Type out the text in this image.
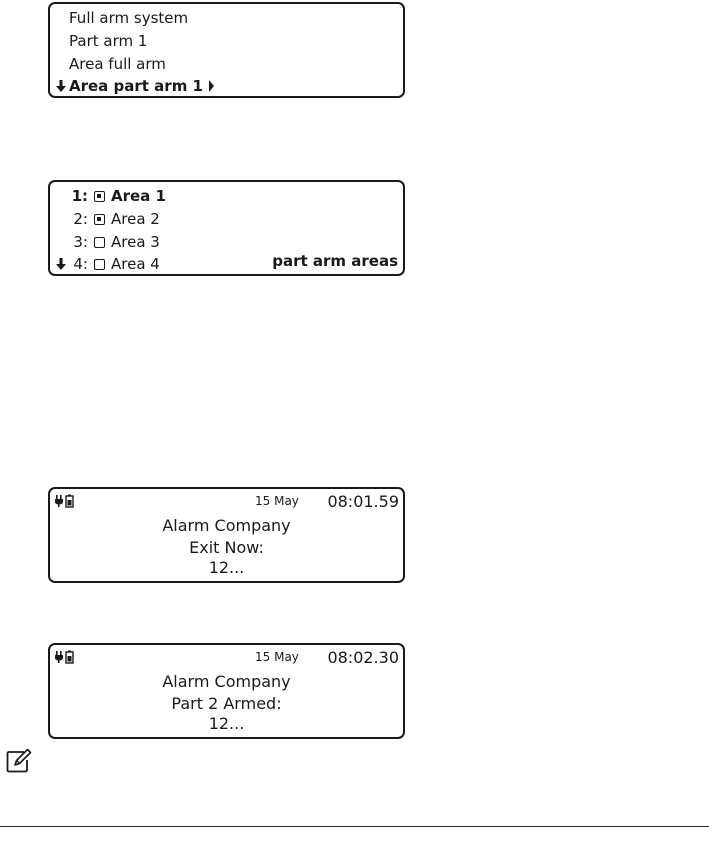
Full arm system
Part arm 1
Area full arm
Area part arm 1
1: Area 1
2: Area 2
3: Area 3
4: Area 4	part arm areas
15 May 08:01.59
Alarm Company
Exit Now:
12...
15 May 08:02.30
Alarm Company
Part 2 Armed:
12...
